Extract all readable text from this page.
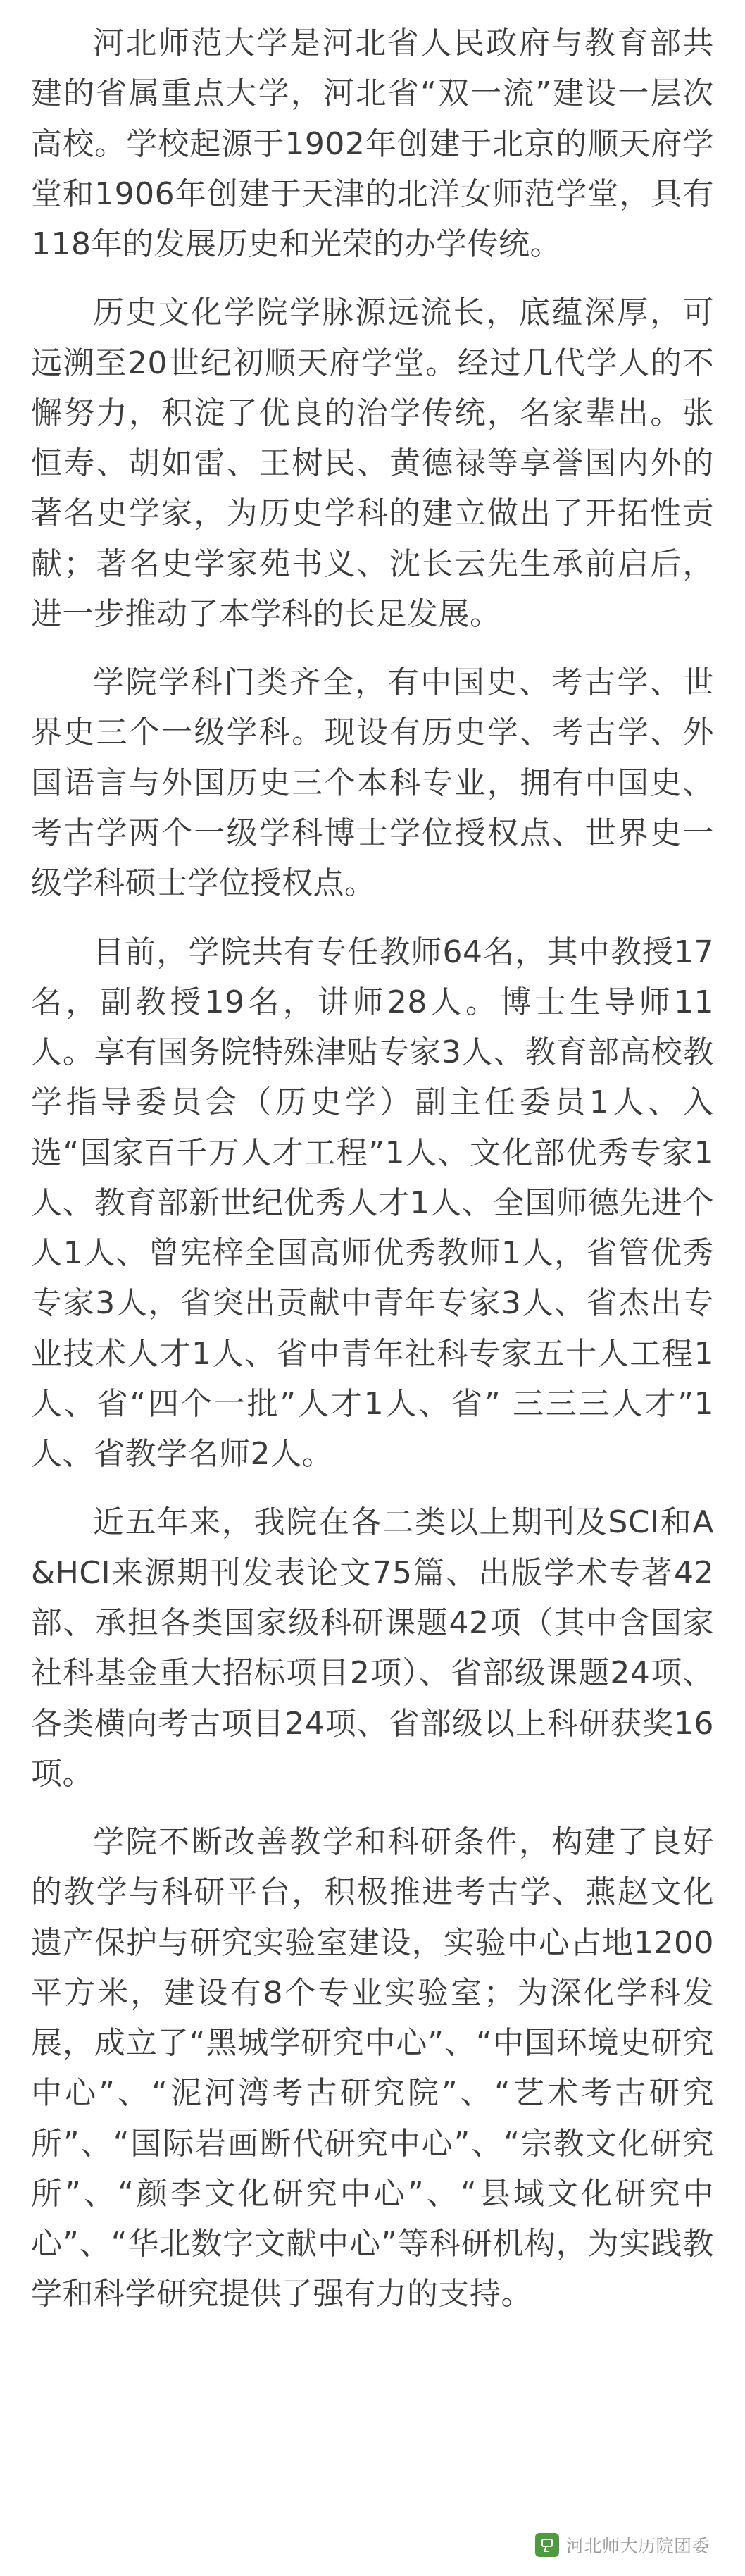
河北师范大学是河北省人民政府与教育部共建的省属重点大学，河北省“双一流”建设一层次高校。学校起源于1902年创建于北京的顺天府学堂和1906年创建于天津的北洋女师范学堂，具有118年的发展历史和光荣的办学传统。

历史文化学院学脉源远流长，底蕴深厚，可远溯至20世纪初顺天府学堂。经过几代学人的不懈努力，积淀了优良的治学传统，名家辈出。张恒寿、胡如雷、王树民、黄德禄等享誉国内外的著名史学家，为历史学科的建立做出了开拓性贡献；著名史学家苑书义、沈长云先生承前启后，进一步推动了本学科的长足发展。

学院学科门类齐全，有中国史、考古学、世界史三个一级学科。现设有历史学、考古学、外国语言与外国历史三个本科专业，拥有中国史、考古学两个一级学科博士学位授权点、世界史一级学科硕士学位授权点。

目前，学院共有专任教师64名，其中教授17名，副教授19名，讲师28人。博士生导师11人。享有国务院特殊津贴专家3人、教育部高校教学指导委员会（历史学）副主任委员1人、入选“国家百千万人才工程”1人、文化部优秀专家1人、教育部新世纪优秀人才1人、全国师德先进个人1人、曾宪梓全国高师优秀教师1人，省管优秀专家3人，省突出贡献中青年专家3人、省杰出专业技术人才1人、省中青年社科专家五十人工程1人、省“四个一批”人才1人、省” 三三三人才”1人、省教学名师2人。

近五年来，我院在各二类以上期刊及SCI和A&HCI来源期刊发表论文75篇、出版学术专著42部、承担各类国家级科研课题42项（其中含国家社科基金重大招标项目2项）、省部级课题24项、各类横向考古项目24项、省部级以上科研获奖16项。

学院不断改善教学和科研条件，构建了良好的教学与科研平台，积极推进考古学、燕赵文化遗产保护与研究实验室建设，实验中心占地1200平方米，建设有8个专业实验室；为深化学科发展，成立了“黑城学研究中心”、“中国环境史研究中心”、“泥河湾考古研究院”、“艺术考古研究所”、“国际岩画断代研究中心”、“宗教文化研究所”、“颜李文化研究中心”、“县域文化研究中心”、“华北数字文献中心”等科研机构，为实践教学和科学研究提供了强有力的支持。

河北师大历院团委
